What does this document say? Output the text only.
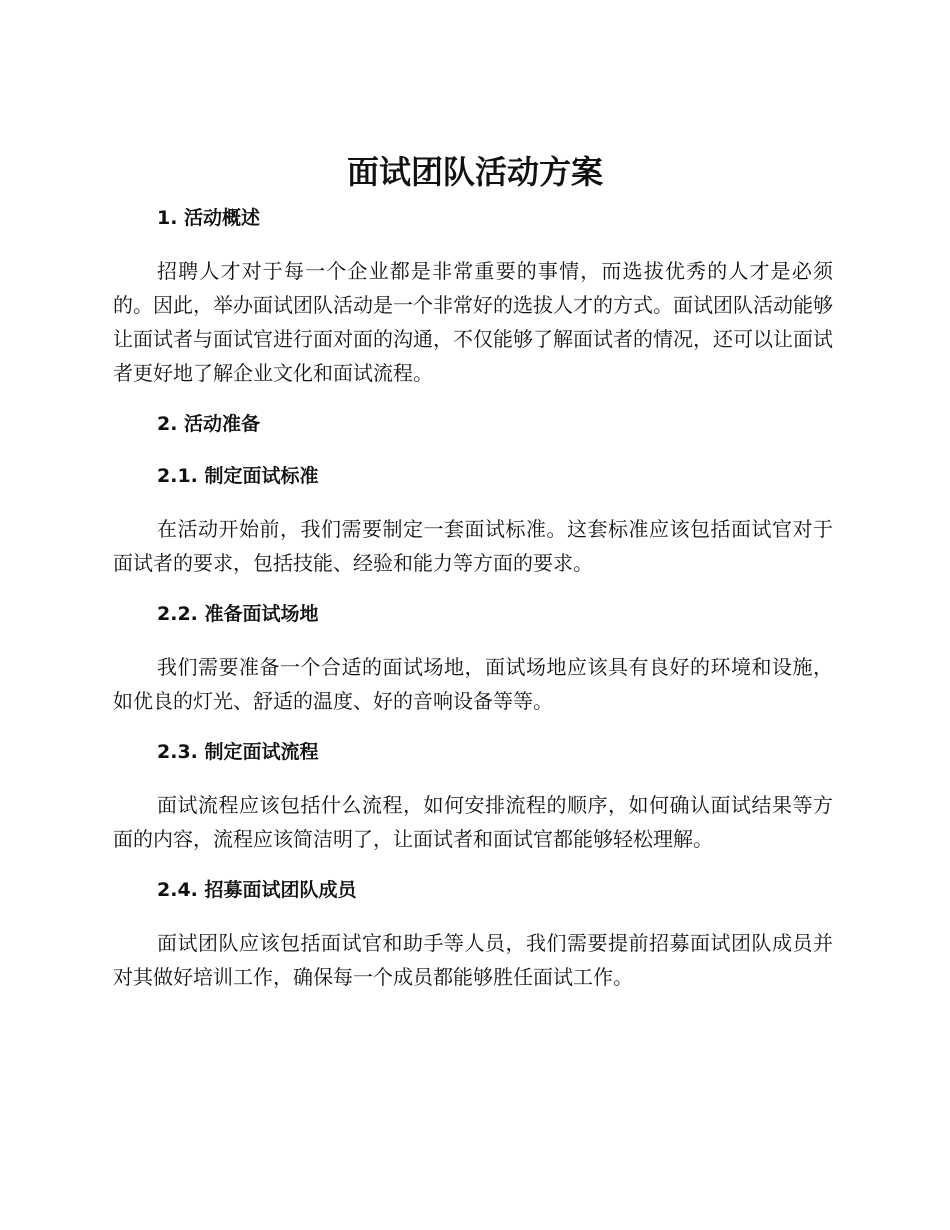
面试团队活动方案
1. 活动概述

招聘人才对于每一个企业都是非常重要的事情，而选拔优秀的人才是必须的。因此，举办面试团队活动是一个非常好的选拔人才的方式。面试团队活动能够让面试者与面试官进行面对面的沟通，不仅能够了解面试者的情况，还可以让面试者更好地了解企业文化和面试流程。

2. 活动准备
2.1. 制定面试标准

在活动开始前，我们需要制定一套面试标准。这套标准应该包括面试官对于面试者的要求，包括技能、经验和能力等方面的要求。

2.2. 准备面试场地

我们需要准备一个合适的面试场地，面试场地应该具有良好的环境和设施，如优良的灯光、舒适的温度、好的音响设备等等。

2.3. 制定面试流程

面试流程应该包括什么流程，如何安排流程的顺序，如何确认面试结果等方面的内容，流程应该简洁明了，让面试者和面试官都能够轻松理解。

2.4. 招募面试团队成员

面试团队应该包括面试官和助手等人员，我们需要提前招募面试团队成员并对其做好培训工作，确保每一个成员都能够胜任面试工作。
